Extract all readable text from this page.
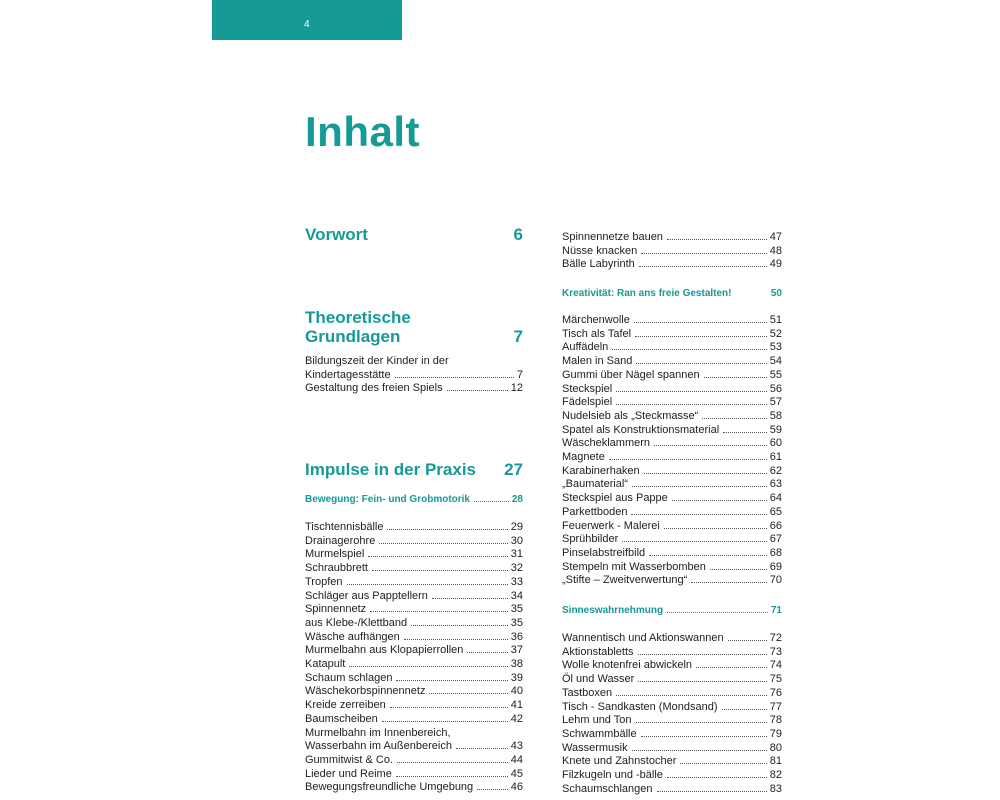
4
Inhalt
Vorwort	6
Theoretische
Grundlagen	7
Bildungszeit der Kinder in der
Kindertagesstätte	7
Gestaltung des freien Spiels	12
Impulse in der Praxis 27
Bewegung: Fein- und Grobmotorik	28
Tischtennisbälle	29
Drainagerohre	30
Murmelspiel	31
Schraubbrett	32
Tropfen	33
Schläger aus Papptellern	34
Spinnennetz	35
aus Klebe-/Klettband	35
Wäsche aufhängen	36
Murmelbahn aus Klopapierrollen	37
Katapult	38
Schaum schlagen	39
Wäschekorbspinnennetz	40
Kreide zerreiben	41
Baumscheiben	42
Murmelbahn im Innenbereich,
Wasserbahn im Außenbereich	43
Gummitwist & Co.	44
Lieder und Reime	45
Bewegungsfreundliche Umgebung	46
Spinnennetze bauen	47
Nüsse knacken	48
Bälle Labyrinth	49
Kreativität: Ran ans freie Gestalten!	50
Märchenwolle	51
Tisch als Tafel	52
Auffädeln	53
Malen in Sand	54
Gummi über Nägel spannen	55
Steckspiel	56
Fädelspiel	57
Nudelsieb als „Steckmasse“	58
Spatel als Konstruktionsmaterial	59
Wäscheklammern	60
Magnete	61
Karabinerhaken	62
„Baumaterial“	63
Steckspiel aus Pappe	64
Parkettboden	65
Feuerwerk - Malerei	66
Sprühbilder	67
Pinselabstreifbild	68
Stempeln mit Wasserbomben	69
„Stifte – Zweitverwertung“	70
Sinneswahrnehmung	71
Wannentisch und Aktionswannen	72
Aktionstabletts	73
Wolle knotenfrei abwickeln	74
Öl und Wasser	75
Tastboxen	76
Tisch - Sandkasten (Mondsand)	77
Lehm und Ton	78
Schwammbälle	79
Wassermusik	80
Knete und Zahnstocher	81
Filzkugeln und -bälle	82
Schaumschlangen	83
